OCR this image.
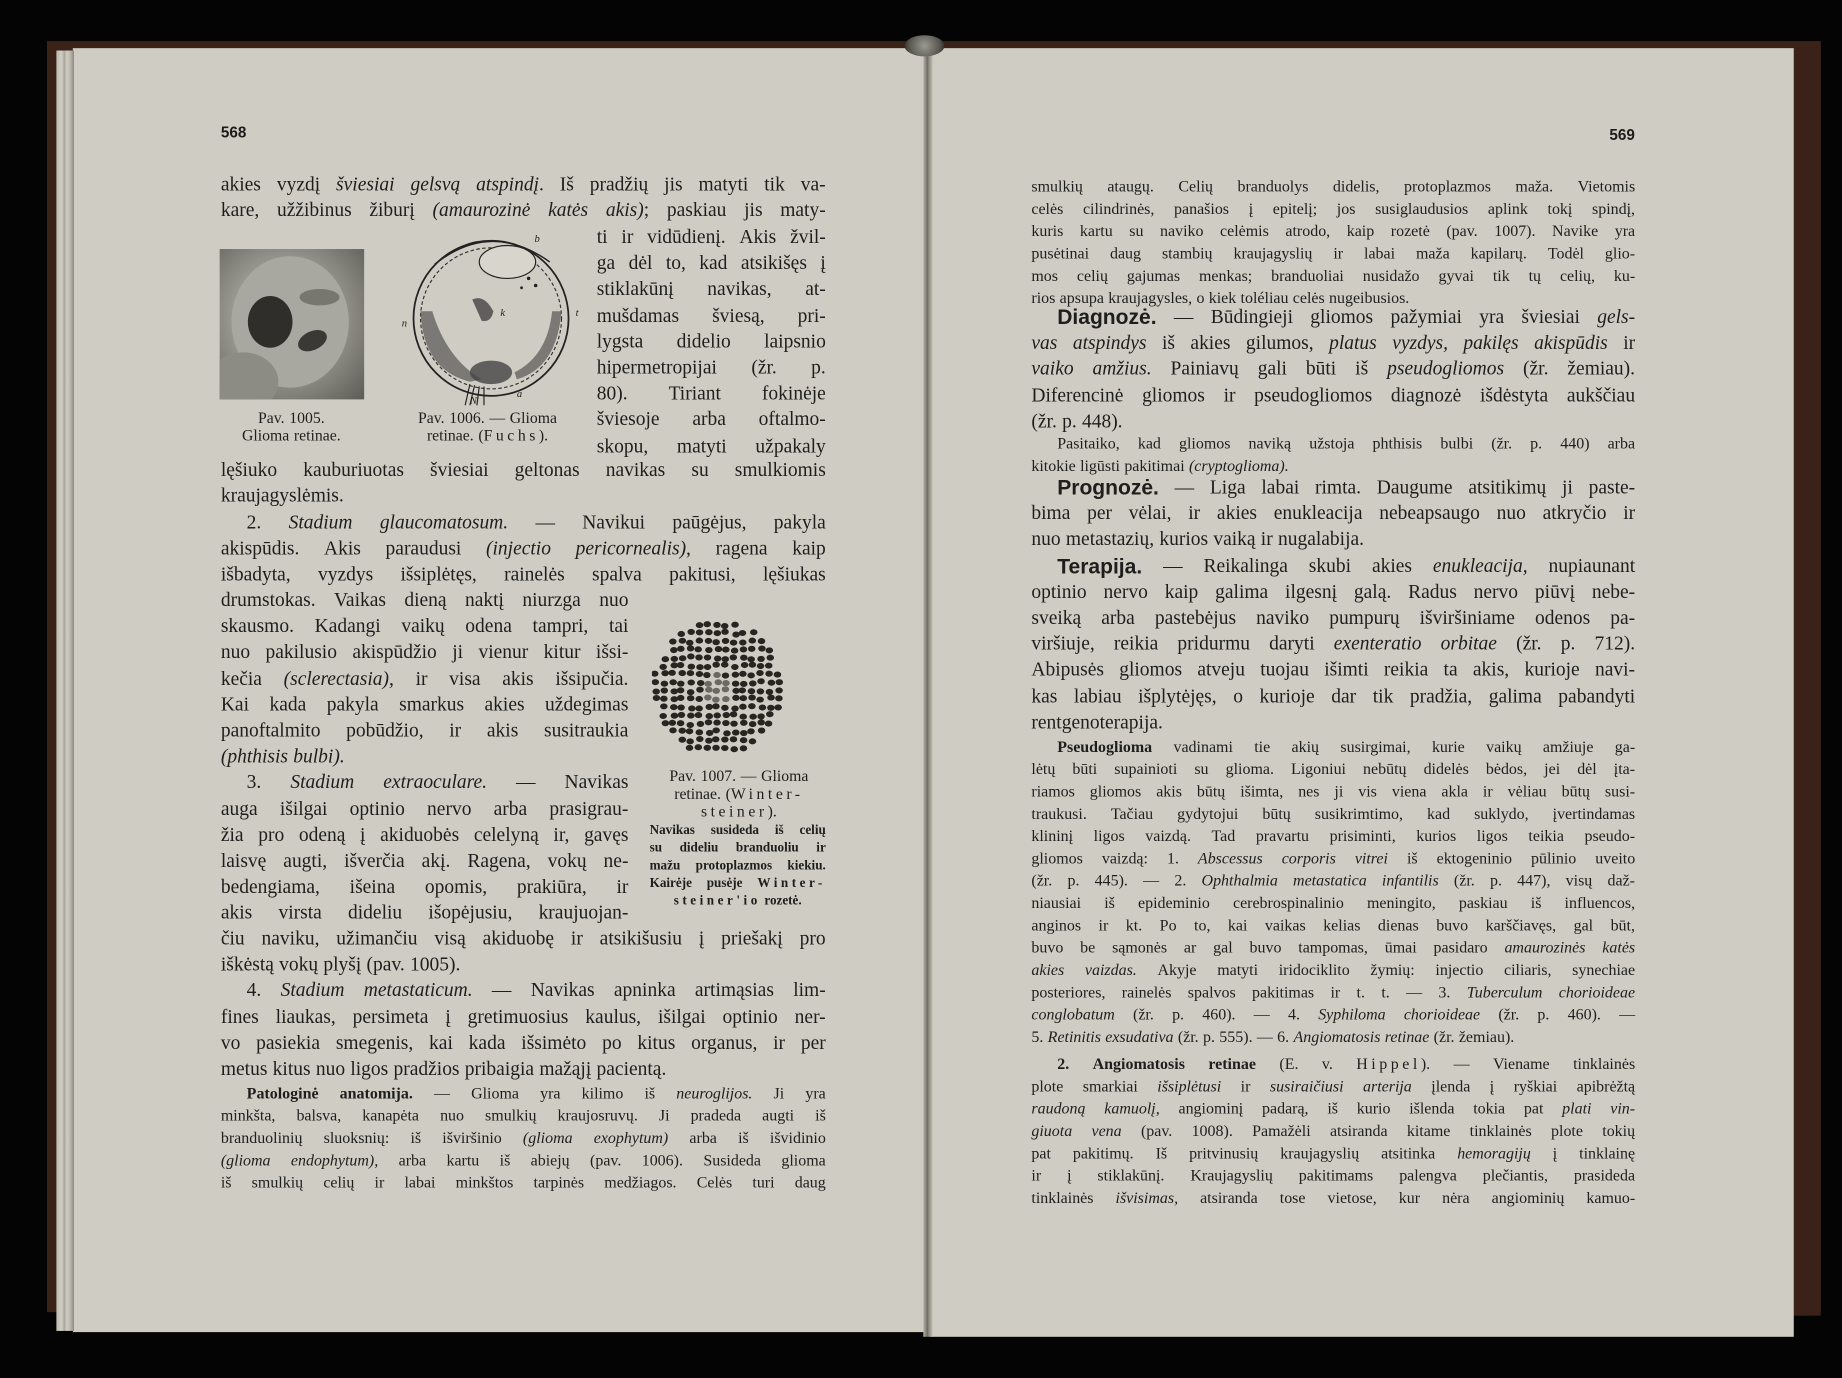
568	569
akies vyzdį šviesiai gelsvą atspindį. Iš pradžių jis matyti tik va-
kare, užžibinus žiburį (amaurozinė katės akis); paskiau jis maty-
ti ir vidūdienį. Akis žvil-
ga dėl to, kad atsikišęs į
stiklakūnį navikas, at-
mušdamas šviesą, pri-
lygsta didelio laipsnio
hipermetropijai (žr. p.
80). Tiriant fokinėje
šviesoje arba oftalmo-
skopu, matyti užpakaly
lęšiuko kauburiuotas šviesiai geltonas navikas su smulkiomis
kraujagyslėmis.
2. Stadium glaucomatosum. — Navikui paūgėjus, pakyla
akispūdis. Akis paraudusi (injectio pericornealis), ragena kaip
išbadyta, vyzdys išsiplėtęs, rainelės spalva pakitusi, lęšiukas
drumstokas. Vaikas dieną naktį niurzga nuo
skausmo. Kadangi vaikų odena tampri, tai
nuo pakilusio akispūdžio ji vienur kitur išsi-
kečia (sclerectasia), ir visa akis išsipučia.
Kai kada pakyla smarkus akies uždegimas
panoftalmito pobūdžio, ir akis susitraukia
(phthisis bulbi).
3. Stadium extraoculare. — Navikas
auga išilgai optinio nervo arba prasigrau-
žia pro odeną į akiduobės celelyną ir, gavęs
laisvę augti, išverčia akį. Ragena, vokų ne-
bedengiama, išeina opomis, prakiūra, ir
akis virsta dideliu išopėjusiu, kraujuojan-
čiu naviku, užimančiu visą akiduobę ir atsikišusiu į priešakį pro
iškėstą vokų plyšį (pav. 1005).
4. Stadium metastaticum. — Navikas apninka artimąsias lim-
fines liaukas, persimeta į gretimuosius kaulus, išilgai optinio ner-
vo pasiekia smegenis, kai kada išsimėto po kitus organus, ir per
metus kitus nuo ligos pradžios pribaigia mažąjį pacientą.
Patologinė anatomija. — Glioma yra kilimo iš neuroglijos. Ji yra
minkšta, balsva, kanapėta nuo smulkių kraujosruvų. Ji pradeda augti iš
branduolinių sluoksnių: iš išviršinio (glioma exophytum) arba iš išvidinio
(glioma endophytum), arba kartu iš abiejų (pav. 1006). Susideda glioma
iš smulkių celių ir labai minkštos tarpinės medžiagos. Celės turi daug
Pav. 1005.
Glioma retinae.
b
k	t
n
N
a
Pav. 1006. — Glioma
retinae. (Fuchs).
Pav. 1007. — Glioma
retinae. (Winter-
steiner).
Navikas susideda iš celių
su dideliu branduoliu ir
mažu protoplazmos kiekiu.
Kairėje pusėje Winter-
steiner'io rozetė.
smulkių ataugų. Celių branduolys didelis, protoplazmos maža. Vietomis
celės cilindrinės, panašios į epitelį; jos susiglaudusios aplink tokį spindį,
kuris kartu su naviko celėmis atrodo, kaip rozetė (pav. 1007). Navike yra
pusėtinai daug stambių kraujagyslių ir labai maža kapilarų. Todėl glio-
mos celių gajumas menkas; branduoliai nusidažo gyvai tik tų celių, ku-
rios apsupa kraujagysles, o kiek toléliau celės nugeibusios.
Diagnozė. — Būdingieji gliomos pažymiai yra šviesiai gels-
vas atspindys iš akies gilumos, platus vyzdys, pakilęs akispūdis ir
vaiko amžius. Painiavų gali būti iš pseudogliomos (žr. žemiau).
Diferencinė gliomos ir pseudogliomos diagnozė išdėstyta aukščiau
(žr. p. 448).
Pasitaiko, kad gliomos naviką užstoja phthisis bulbi (žr. p. 440) arba
kitokie ligūsti pakitimai (cryptoglioma).
Prognozė. — Liga labai rimta. Daugume atsitikimų ji paste-
bima per vėlai, ir akies enukleacija nebeapsaugo nuo atkryčio ir
nuo metastazių, kurios vaiką ir nugalabija.
Terapija. — Reikalinga skubi akies enukleacija, nupiaunant
optinio nervo kaip galima ilgesnį galą. Radus nervo piūvį nebe-
sveiką arba pastebėjus naviko pumpurų išviršiniame odenos pa-
viršiuje, reikia pridurmu daryti exenteratio orbitae (žr. p. 712).
Abipusės gliomos atveju tuojau išimti reikia ta akis, kurioje navi-
kas labiau išplytėjęs, o kurioje dar tik pradžia, galima pabandyti
rentgenoterapija.
Pseudoglioma vadinami tie akių susirgimai, kurie vaikų amžiuje ga-
lėtų būti supainioti su glioma. Ligoniui nebūtų didelės bėdos, jei dėl įta-
riamos gliomos akis būtų išimta, nes ji vis viena akla ir vėliau būtų susi-
traukusi. Tačiau gydytojui būtų susikrimtimo, kad suklydo, įvertindamas
klininį ligos vaizdą. Tad pravartu prisiminti, kurios ligos teikia pseudo-
gliomos vaizdą: 1. Abscessus corporis vitrei iš ektogeninio pūlinio uveito
(žr. p. 445). — 2. Ophthalmia metastatica infantilis (žr. p. 447), visų daž-
niausiai iš epideminio cerebrospinalinio meningito, paskiau iš influencos,
anginos ir kt. Po to, kai vaikas kelias dienas buvo karščiavęs, gal būt,
buvo be sąmonės ar gal buvo tampomas, ūmai pasidaro amaurozinės katės
akies vaizdas. Akyje matyti iridociklito žymių: injectio ciliaris, synechiae
posteriores, rainelės spalvos pakitimas ir t. t. — 3. Tuberculum chorioideae
conglobatum (žr. p. 460). — 4. Syphiloma chorioideae (žr. p. 460). —
5. Retinitis exsudativa (žr. p. 555). — 6. Angiomatosis retinae (žr. žemiau).
2. Angiomatosis retinae (E. v. Hippel). — Viename tinklainės
plote smarkiai išsiplėtusi ir susiraičiusi arterija įlenda į ryškiai apibrėžtą
raudoną kamuolį, angiominį padarą, iš kurio išlenda tokia pat plati vin-
giuota vena (pav. 1008). Pamažėli atsiranda kitame tinklainės plote tokių
pat pakitimų. Iš pritvinusių kraujagyslių atsitinka hemoragijų į tinklainę
ir į stiklakūnį. Kraujagyslių pakitimams palengva plečiantis, prasideda
tinklainės išvisimas, atsiranda tose vietose, kur nėra angiominių kamuo-
